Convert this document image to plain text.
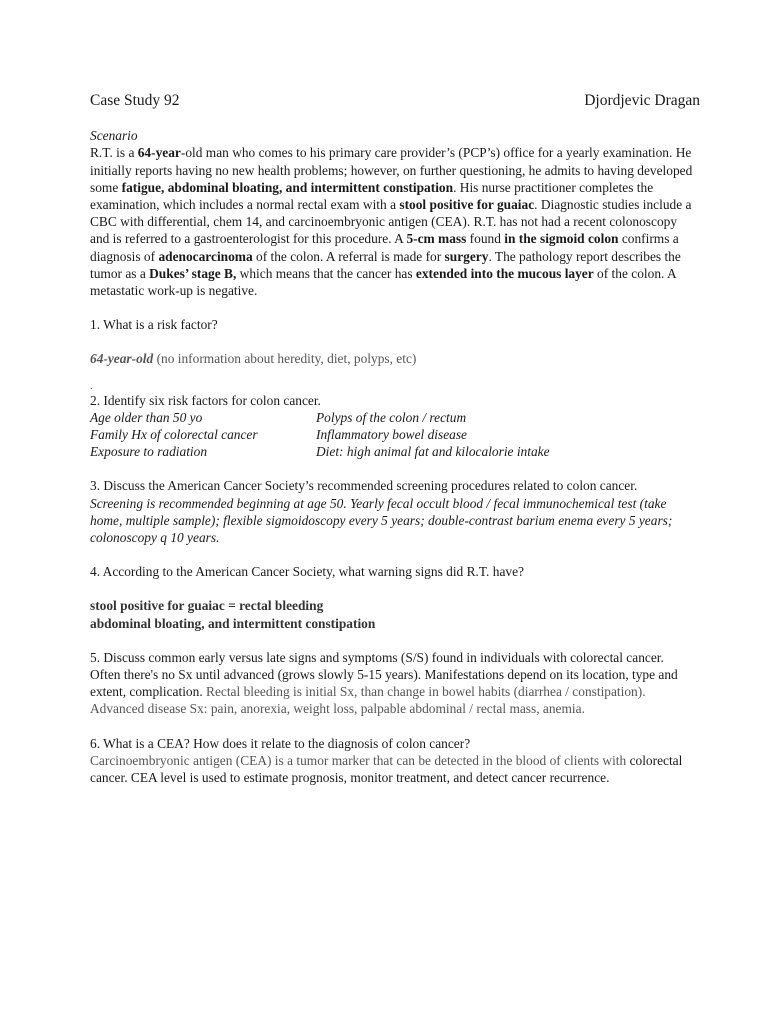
Case Study 92	Djordjevic Dragan

Scenario

R.T. is a 64-year-old man who comes to his primary care provider’s (PCP’s) office for a yearly examination. He initially reports having no new health problems; however, on further questioning, he admits to having developed some fatigue, abdominal bloating, and intermittent constipation. His nurse practitioner completes the examination, which includes a normal rectal exam with a stool positive for guaiac. Diagnostic studies include a CBC with differential, chem 14, and carcinoembryonic antigen (CEA). R.T. has not had a recent colonoscopy and is referred to a gastroenterologist for this procedure. A 5-cm mass found in the sigmoid colon confirms a diagnosis of adenocarcinoma of the colon. A referral is made for surgery. The pathology report describes the tumor as a Dukes’ stage B, which means that the cancer has extended into the mucous layer of the colon. A metastatic work-up is negative.

1. What is a risk factor?

64-year-old (no information about heredity, diet, polyps, etc)

.

2. Identify six risk factors for colon cancer.

Age older than 50 yo	Polyps of the colon / rectum
Family Hx of colorectal cancer	Inflammatory bowel disease
Exposure to radiation	Diet: high animal fat and kilocalorie intake

3. Discuss the American Cancer Society’s recommended screening procedures related to colon cancer.

Screening is recommended beginning at age 50. Yearly fecal occult blood / fecal immunochemical test (take home, multiple sample); flexible sigmoidoscopy every 5 years; double-contrast barium enema every 5 years; colonoscopy q 10 years.

4. According to the American Cancer Society, what warning signs did R.T. have?

stool positive for guaiac = rectal bleeding

abdominal bloating, and intermittent constipation

5. Discuss common early versus late signs and symptoms (S/S) found in individuals with colorectal cancer.

Often there's no Sx until advanced (grows slowly 5-15 years). Manifestations depend on its location, type and extent, complication. Rectal bleeding is initial Sx, than change in bowel habits (diarrhea / constipation). Advanced disease Sx: pain, anorexia, weight loss, palpable abdominal / rectal mass, anemia.

6. What is a CEA? How does it relate to the diagnosis of colon cancer?

Carcinoembryonic antigen (CEA) is a tumor marker that can be detected in the blood of clients with colorectal cancer. CEA level is used to estimate prognosis, monitor treatment, and detect cancer recurrence.
